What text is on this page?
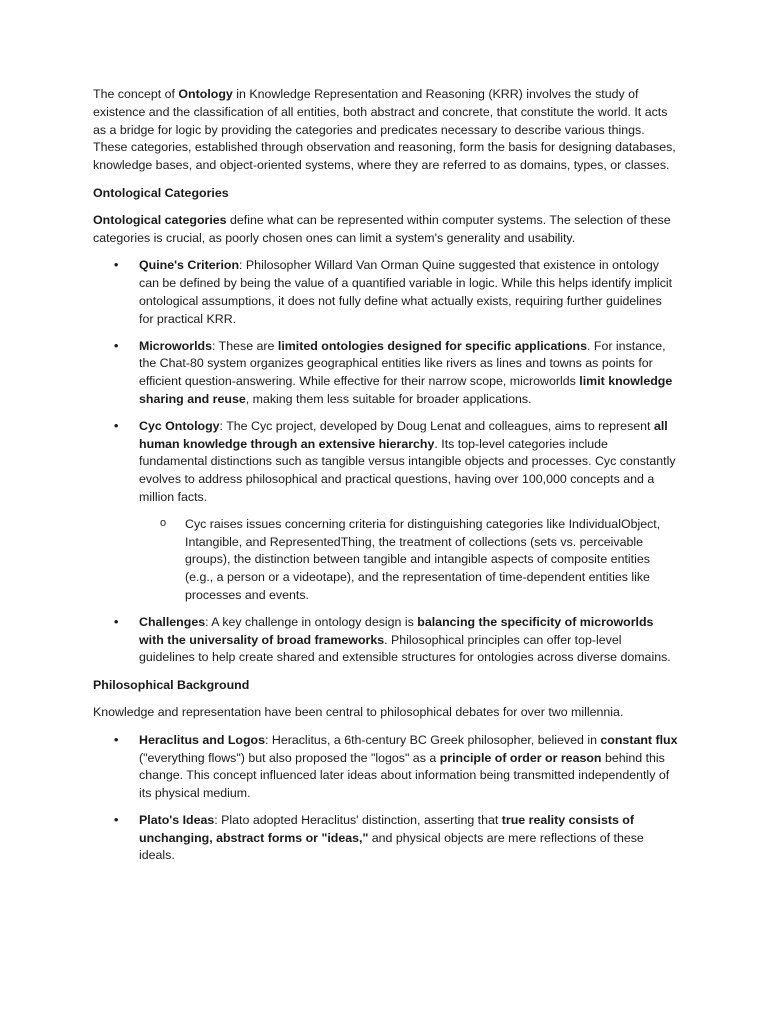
The concept of Ontology in Knowledge Representation and Reasoning (KRR) involves the study of existence and the classification of all entities, both abstract and concrete, that constitute the world. It acts as a bridge for logic by providing the categories and predicates necessary to describe various things. These categories, established through observation and reasoning, form the basis for designing databases, knowledge bases, and object-oriented systems, where they are referred to as domains, types, or classes.

Ontological Categories

Ontological categories define what can be represented within computer systems. The selection of these categories is crucial, as poorly chosen ones can limit a system's generality and usability.

• Quine's Criterion: Philosopher Willard Van Orman Quine suggested that existence in ontology can be defined by being the value of a quantified variable in logic. While this helps identify implicit ontological assumptions, it does not fully define what actually exists, requiring further guidelines for practical KRR.
• Microworlds: These are limited ontologies designed for specific applications. For instance, the Chat-80 system organizes geographical entities like rivers as lines and towns as points for efficient question-answering. While effective for their narrow scope, microworlds limit knowledge sharing and reuse, making them less suitable for broader applications.
• Cyc Ontology: The Cyc project, developed by Doug Lenat and colleagues, aims to represent all human knowledge through an extensive hierarchy. Its top-level categories include fundamental distinctions such as tangible versus intangible objects and processes. Cyc constantly evolves to address philosophical and practical questions, having over 100,000 concepts and a million facts.
o Cyc raises issues concerning criteria for distinguishing categories like IndividualObject, Intangible, and RepresentedThing, the treatment of collections (sets vs. perceivable groups), the distinction between tangible and intangible aspects of composite entities (e.g., a person or a videotape), and the representation of time-dependent entities like processes and events.
• Challenges: A key challenge in ontology design is balancing the specificity of microworlds with the universality of broad frameworks. Philosophical principles can offer top-level guidelines to help create shared and extensible structures for ontologies across diverse domains.

Philosophical Background

Knowledge and representation have been central to philosophical debates for over two millennia.

• Heraclitus and Logos: Heraclitus, a 6th-century BC Greek philosopher, believed in constant flux ("everything flows") but also proposed the "logos" as a principle of order or reason behind this change. This concept influenced later ideas about information being transmitted independently of its physical medium.
• Plato's Ideas: Plato adopted Heraclitus' distinction, asserting that true reality consists of unchanging, abstract forms or "ideas," and physical objects are mere reflections of these ideals.
